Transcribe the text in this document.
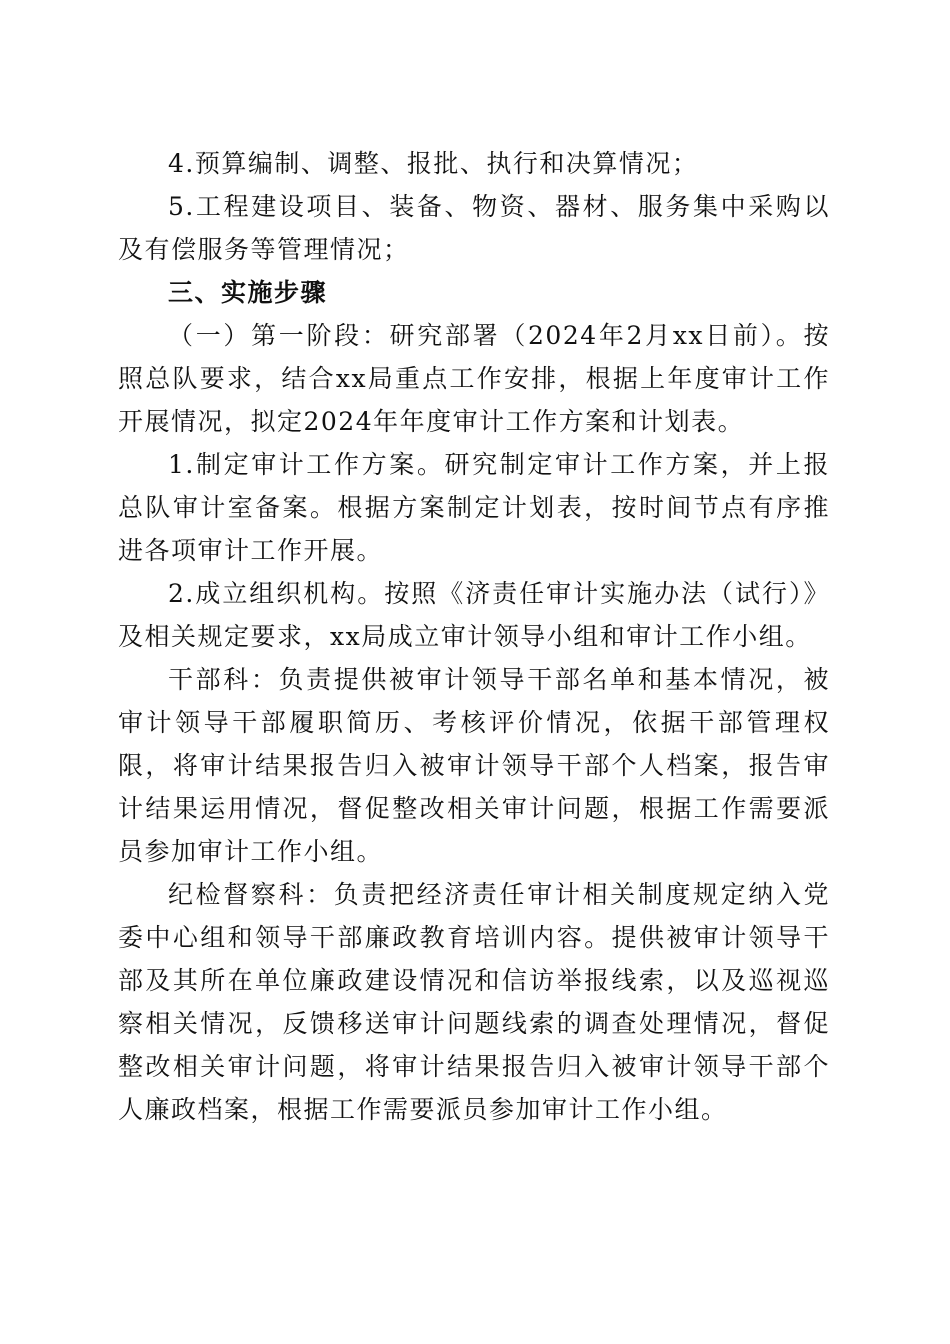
4.预算编制、调整、报批、执行和决算情况；

5.工程建设项目、装备、物资、器材、服务集中采购以及有偿服务等管理情况；

三、实施步骤

（一）第一阶段：研究部署（2024年2月xx日前）。按照总队要求，结合xx局重点工作安排，根据上年度审计工作开展情况，拟定2024年年度审计工作方案和计划表。

1.制定审计工作方案。研究制定审计工作方案，并上报总队审计室备案。根据方案制定计划表，按时间节点有序推进各项审计工作开展。

2.成立组织机构。按照《济责任审计实施办法（试行）》及相关规定要求，xx局成立审计领导小组和审计工作小组。

干部科：负责提供被审计领导干部名单和基本情况，被审计领导干部履职简历、考核评价情况，依据干部管理权限，将审计结果报告归入被审计领导干部个人档案，报告审计结果运用情况，督促整改相关审计问题，根据工作需要派员参加审计工作小组。

纪检督察科：负责把经济责任审计相关制度规定纳入党委中心组和领导干部廉政教育培训内容。提供被审计领导干部及其所在单位廉政建设情况和信访举报线索，以及巡视巡察相关情况，反馈移送审计问题线索的调查处理情况，督促整改相关审计问题，将审计结果报告归入被审计领导干部个人廉政档案，根据工作需要派员参加审计工作小组。
